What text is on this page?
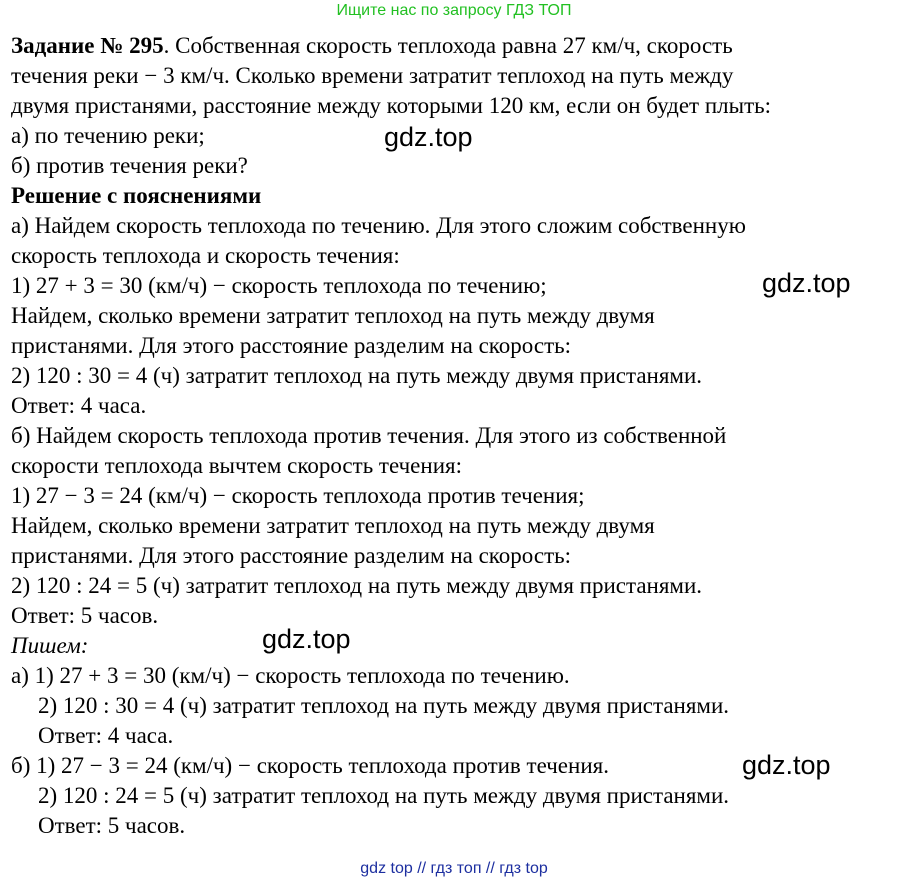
Ищите нас по запросу ГДЗ ТОП
Задание № 295. Собственная скорость теплохода равна 27 км/ч, скорость
течения реки − 3 км/ч. Сколько времени затратит теплоход на путь между
двумя пристанями, расстояние между которыми 120 км, если он будет плыть:
а) по течению реки;
б) против течения реки?
Решение с пояснениями
а) Найдем скорость теплохода по течению. Для этого сложим собственную
скорость теплохода и скорость течения:
1) 27 + 3 = 30 (км/ч) − скорость теплохода по течению;
Найдем, сколько времени затратит теплоход на путь между двумя
пристанями. Для этого расстояние разделим на скорость:
2) 120 : 30 = 4 (ч) затратит теплоход на путь между двумя пристанями.
Ответ: 4 часа.
б) Найдем скорость теплохода против течения. Для этого из собственной
скорости теплохода вычтем скорость течения:
1) 27 − 3 = 24 (км/ч) − скорость теплохода против течения;
Найдем, сколько времени затратит теплоход на путь между двумя
пристанями. Для этого расстояние разделим на скорость:
2) 120 : 24 = 5 (ч) затратит теплоход на путь между двумя пристанями.
Ответ: 5 часов.
Пишем:
а) 1) 27 + 3 = 30 (км/ч) − скорость теплохода по течению.
2) 120 : 30 = 4 (ч) затратит теплоход на путь между двумя пристанями.
Ответ: 4 часа.
б) 1) 27 − 3 = 24 (км/ч) − скорость теплохода против течения.
2) 120 : 24 = 5 (ч) затратит теплоход на путь между двумя пристанями.
Ответ: 5 часов.
gdz.top
gdz.top
gdz.top
gdz.top
gdz top // гдз топ // гдз top
